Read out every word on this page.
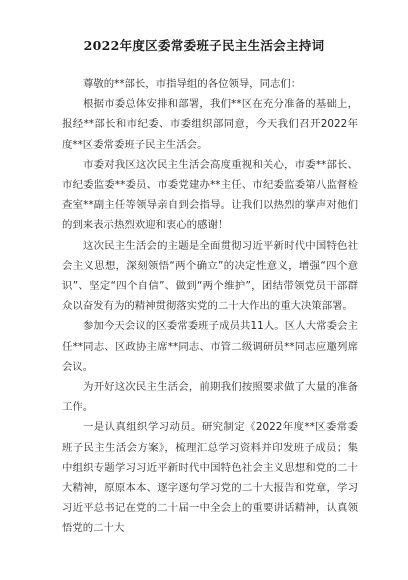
2022年度区委常委班子民主生活会主持词

尊敬的**部长，市指导组的各位领导，同志们：

根据市委总体安排和部署，我们**区在充分准备的基础上，报经**部长和市纪委、市委组织部同意，今天我们召开2022年度**区委常委班子民主生活会。

市委对我区这次民主生活会高度重视和关心，市委**部长、市纪委监委**委员、市委党建办**主任、市纪委监委第八监督检查室**副主任等领导亲自到会指导。让我们以热烈的掌声对他们的到来表示热烈欢迎和衷心的感谢！

这次民主生活会的主题是全面贯彻习近平新时代中国特色社会主义思想，深刻领悟“两个确立”的决定性意义，增强“四个意识”、坚定“四个自信”、做到“两个维护”，团结带领党员干部群众以奋发有为的精神贯彻落实党的二十大作出的重大决策部署。

参加今天会议的区委常委班子成员共11人。区人大常委会主任**同志、区政协主席**同志、市管二级调研员**同志应邀列席会议。

为开好这次民主生活会，前期我们按照要求做了大量的准备工作。

一是认真组织学习动员。研究制定《2022年度**区委常委班子民主生活会方案》，梳理汇总学习资料并印发班子成员；集中组织专题学习习近平新时代中国特色社会主义思想和党的二十大精神，原原本本、逐字逐句学习党的二十大报告和党章，学习习近平总书记在党的二十届一中全会上的重要讲话精神，认真领悟党的二十大
